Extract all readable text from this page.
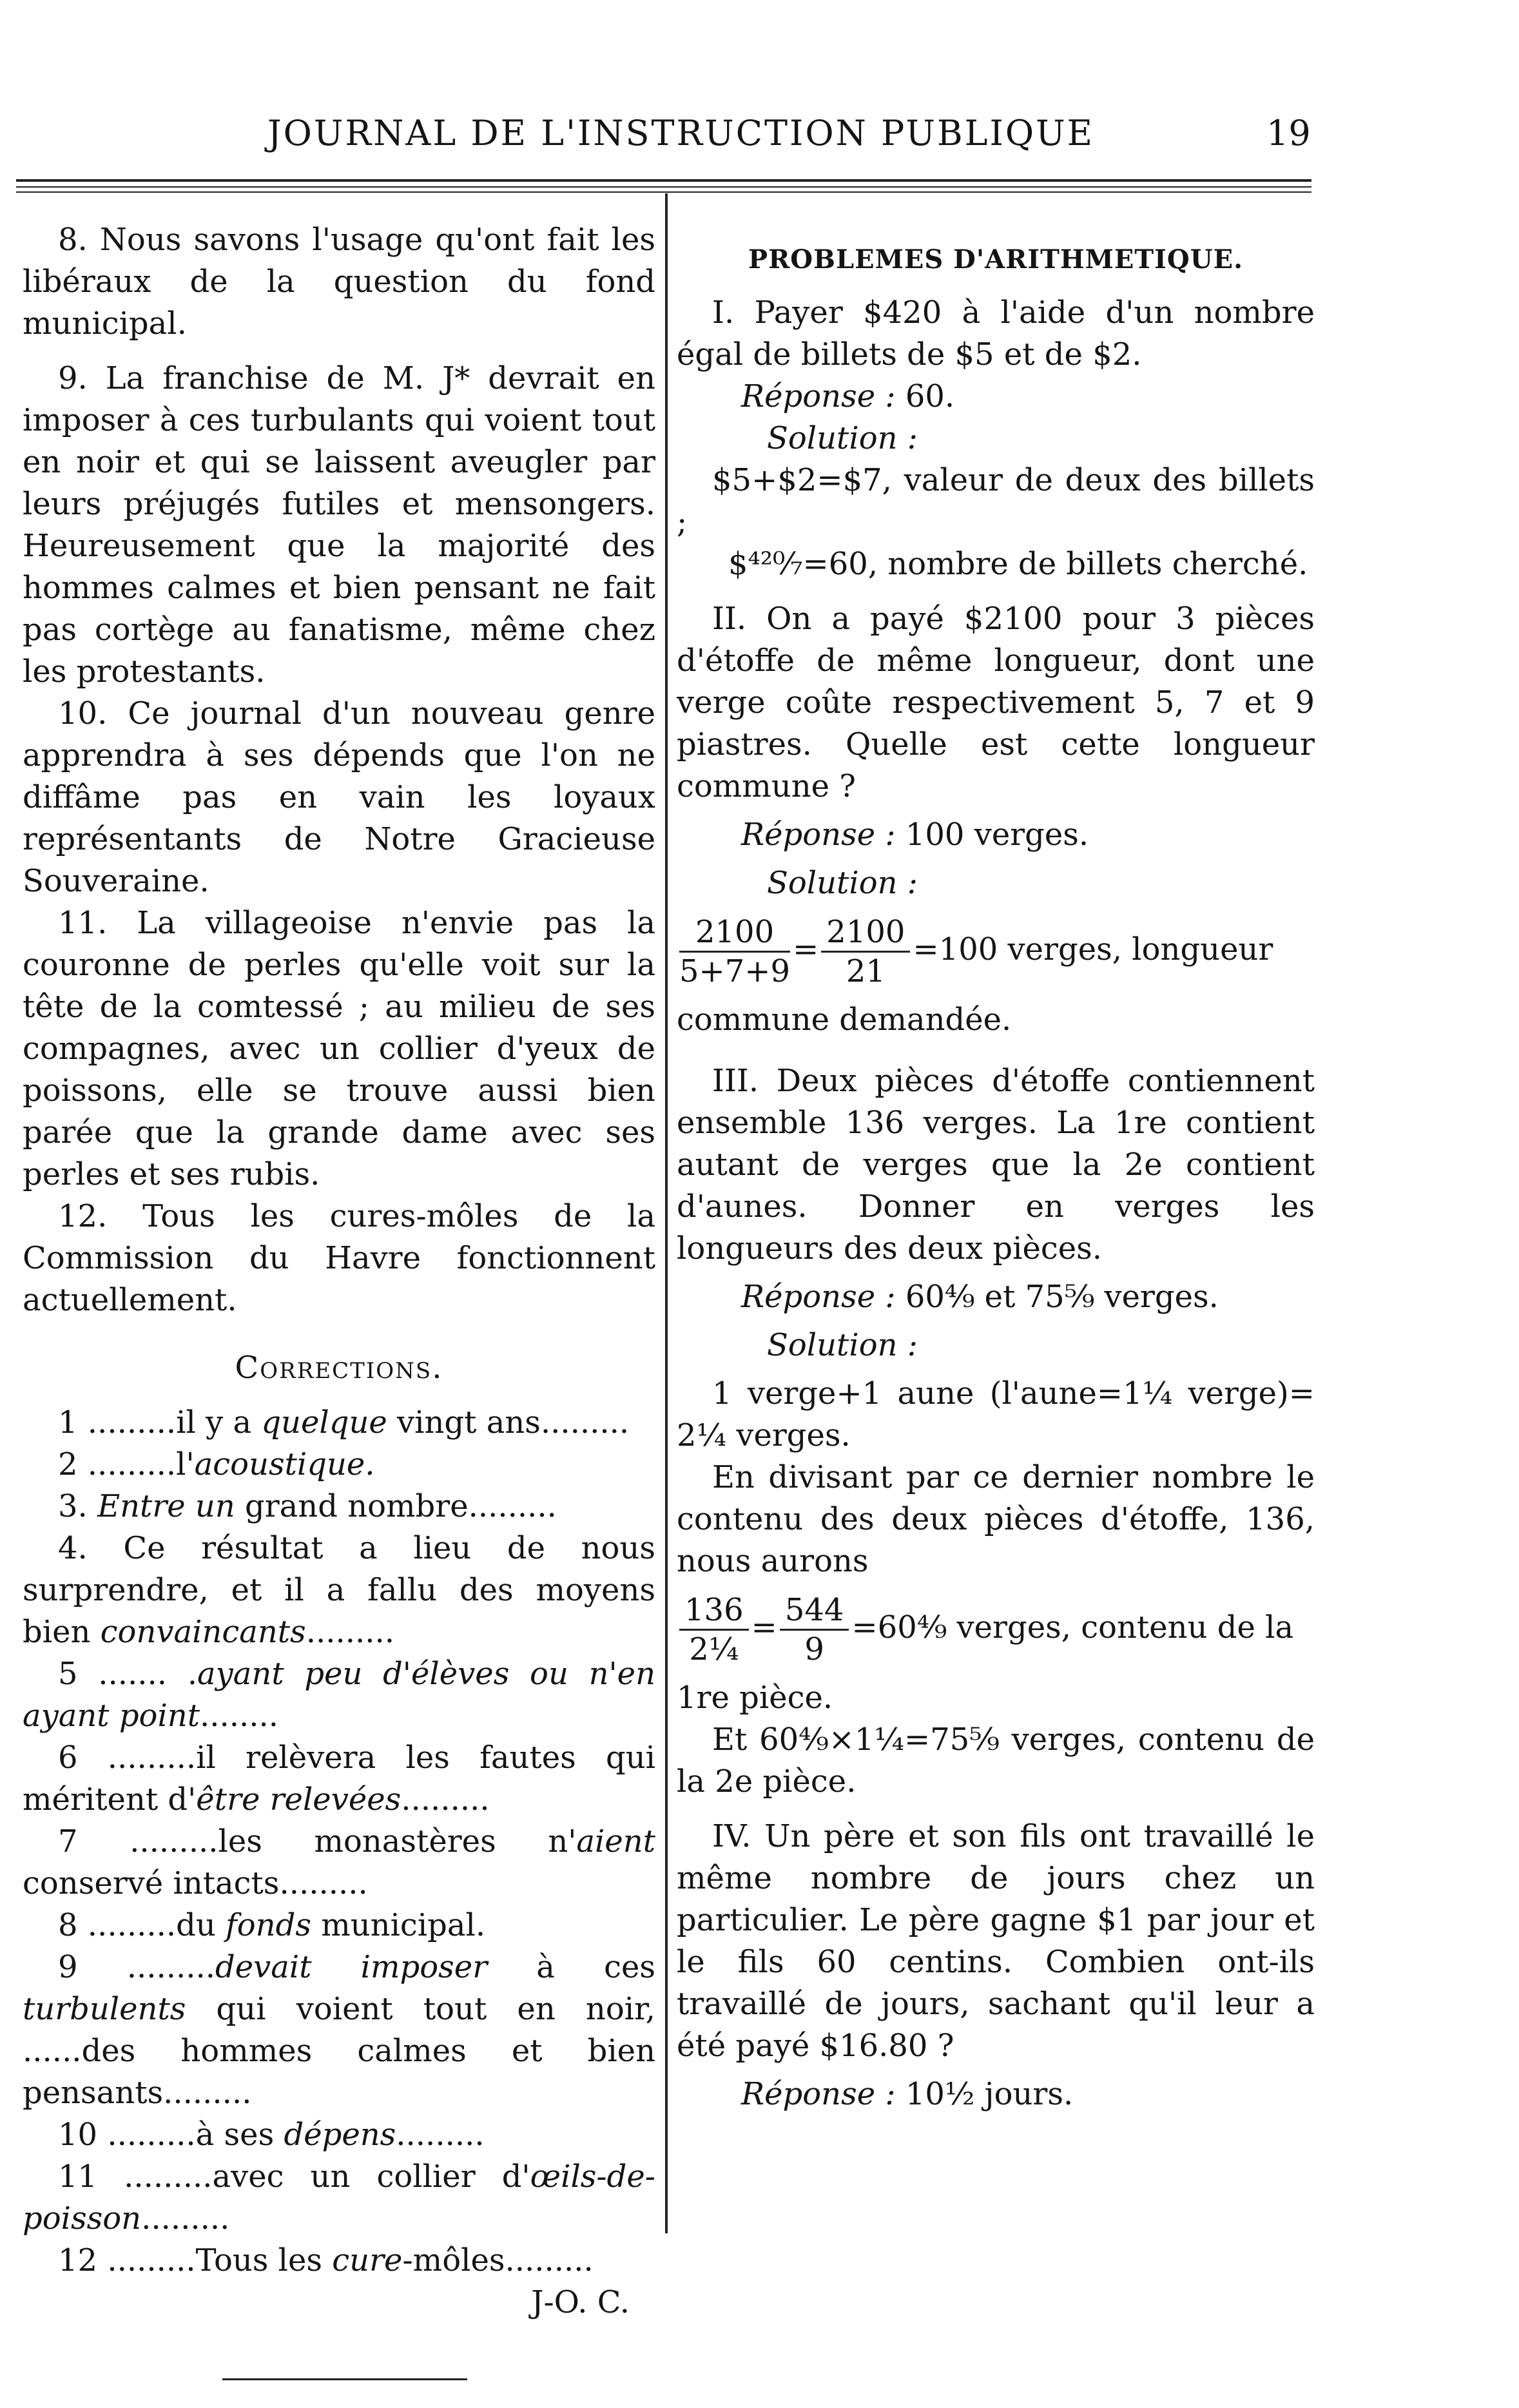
JOURNAL DE L'INSTRUCTION PUBLIQUE	19

8. Nous savons l'usage qu'ont fait les libéraux de la question du fond municipal.

9. La franchise de M. J* devrait en imposer à ces turbulants qui voient tout en noir et qui se laissent aveugler par leurs préjugés futiles et mensongers. Heureusement que la majorité des hommes calmes et bien pensant ne fait pas cortège au fanatisme, même chez les protestants.

10. Ce journal d'un nouveau genre apprendra à ses dépends que l'on ne diffâme pas en vain les loyaux représentants de Notre Gracieuse Souveraine.

11. La villageoise n'envie pas la couronne de perles qu'elle voit sur la tête de la comtessé ; au milieu de ses compagnes, avec un collier d'yeux de poissons, elle se trouve aussi bien parée que la grande dame avec ses perles et ses rubis.

12. Tous les cures-môles de la Commission du Havre fonctionnent actuellement.

Corrections.

1 .........il y a quelque vingt ans.........

2 .........l'acoustique.

3. Entre un grand nombre.........

4. Ce résultat a lieu de nous surprendre, et il a fallu des moyens bien convaincants.........

5 ....... .ayant peu d'élèves ou n'en ayant point........

6 .........il relèvera les fautes qui méritent d'être relevées.........

7 .........les monastères n'aient conservé intacts.........

8 .........du fonds municipal.

9 .........devait imposer à ces turbulents qui voient tout en noir, ......des hommes calmes et bien pensants.........

10 .........à ses dépens.........

11 .........avec un collier d'œils-de-poisson.........

12 .........Tous les cure-môles.........

J-O. C.

PROBLEMES D'ARITHMETIQUE.

I. Payer $420 à l'aide d'un nombre égal de billets de $5 et de $2.

Réponse : 60.

Solution :

$5+$2=$7, valeur de deux des billets ;

$⁴²⁰⁄₇=60, nombre de billets cherché.

II. On a payé $2100 pour 3 pièces d'étoffe de même longueur, dont une verge coûte respectivement 5, 7 et 9 piastres. Quelle est cette longueur commune ?

Réponse : 100 verges.

Solution :

$\frac{2100}{5+7+9} = \frac{2100}{21} =100$ verges, longueur

commune demandée.

III. Deux pièces d'étoffe contiennent ensemble 136 verges. La 1re contient autant de verges que la 2e contient d'aunes. Donner en verges les longueurs des deux pièces.

Réponse : 60⁴⁄₉ et 75⁵⁄₉ verges.

Solution :

1 verge+1 aune (l'aune=1¼ verge)= 2¼ verges.

En divisant par ce dernier nombre le contenu des deux pièces d'étoffe, 136, nous aurons

$\frac{136}{\text{2¼}} = \frac{544}{9}$ =60⁴⁄₉ verges, contenu de la

1re pièce.

Et 60⁴⁄₉×1¼=75⁵⁄₉ verges, contenu de la 2e pièce.

IV. Un père et son fils ont travaillé le même nombre de jours chez un particulier. Le père gagne $1 par jour et le fils 60 centins. Combien ont-ils travaillé de jours, sachant qu'il leur a été payé $16.80 ?

Réponse : 10½ jours.
